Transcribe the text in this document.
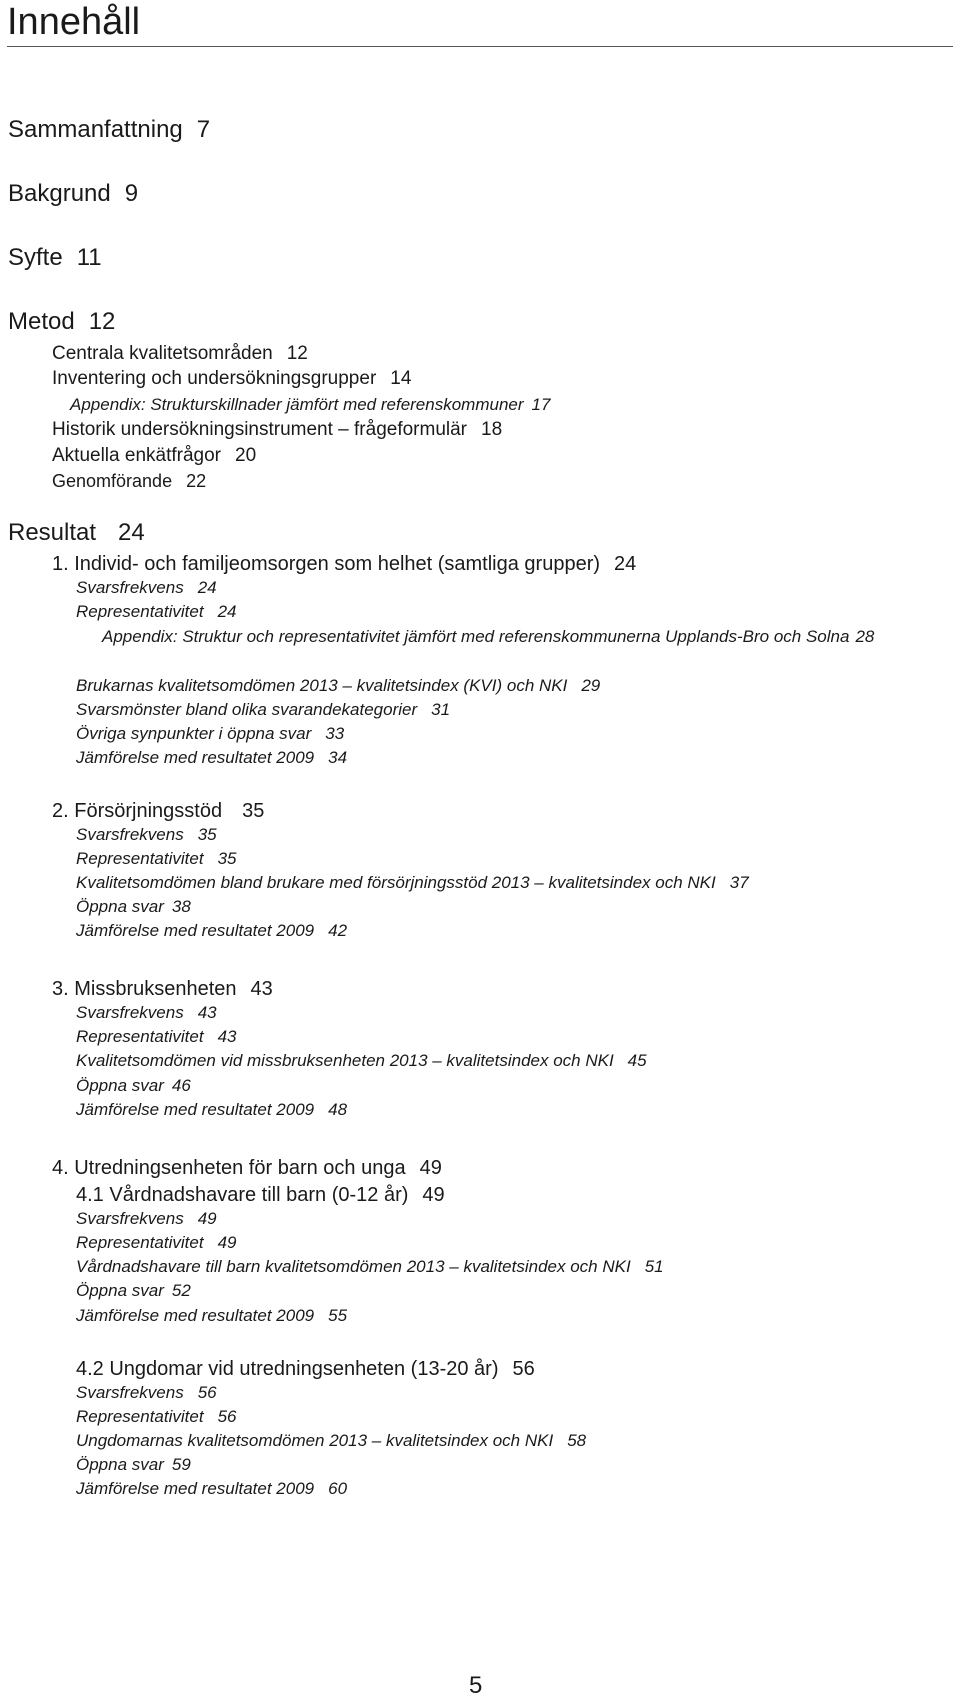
Innehåll
Sammanfattning 7
Bakgrund 9
Syfte 11
Metod 12
Centrala kvalitetsområden 12
Inventering och undersökningsgrupper 14
Appendix: Strukturskillnader jämfört med referenskommuner 17
Historik undersökningsinstrument – frågeformulär 18
Aktuella enkätfrågor 20
Genomförande 22
Resultat 24
1. Individ- och familjeomsorgen som helhet (samtliga grupper) 24
Svarsfrekvens 24
Representativitet 24
Appendix: Struktur och representativitet jämfört med referenskommunerna Upplands-Bro och Solna 28
Brukarnas kvalitetsomdömen 2013 – kvalitetsindex (KVI) och NKI 29
Svarsmönster bland olika svarandekategorier 31
Övriga synpunkter i öppna svar 33
Jämförelse med resultatet 2009 34
2. Försörjningsstöd 35
Svarsfrekvens 35
Representativitet 35
Kvalitetsomdömen bland brukare med försörjningsstöd 2013 – kvalitetsindex och NKI 37
Öppna svar 38
Jämförelse med resultatet 2009 42
3. Missbruksenheten 43
Svarsfrekvens 43
Representativitet 43
Kvalitetsomdömen vid missbruksenheten 2013 – kvalitetsindex och NKI 45
Öppna svar 46
Jämförelse med resultatet 2009 48
4. Utredningsenheten för barn och unga 49
4.1 Vårdnadshavare till barn (0-12 år) 49
Svarsfrekvens 49
Representativitet 49
Vårdnadshavare till barn kvalitetsomdömen 2013 – kvalitetsindex och NKI 51
Öppna svar 52
Jämförelse med resultatet 2009 55
4.2 Ungdomar vid utredningsenheten (13-20 år) 56
Svarsfrekvens 56
Representativitet 56
Ungdomarnas kvalitetsomdömen 2013 – kvalitetsindex och NKI 58
Öppna svar 59
Jämförelse med resultatet 2009 60
5
